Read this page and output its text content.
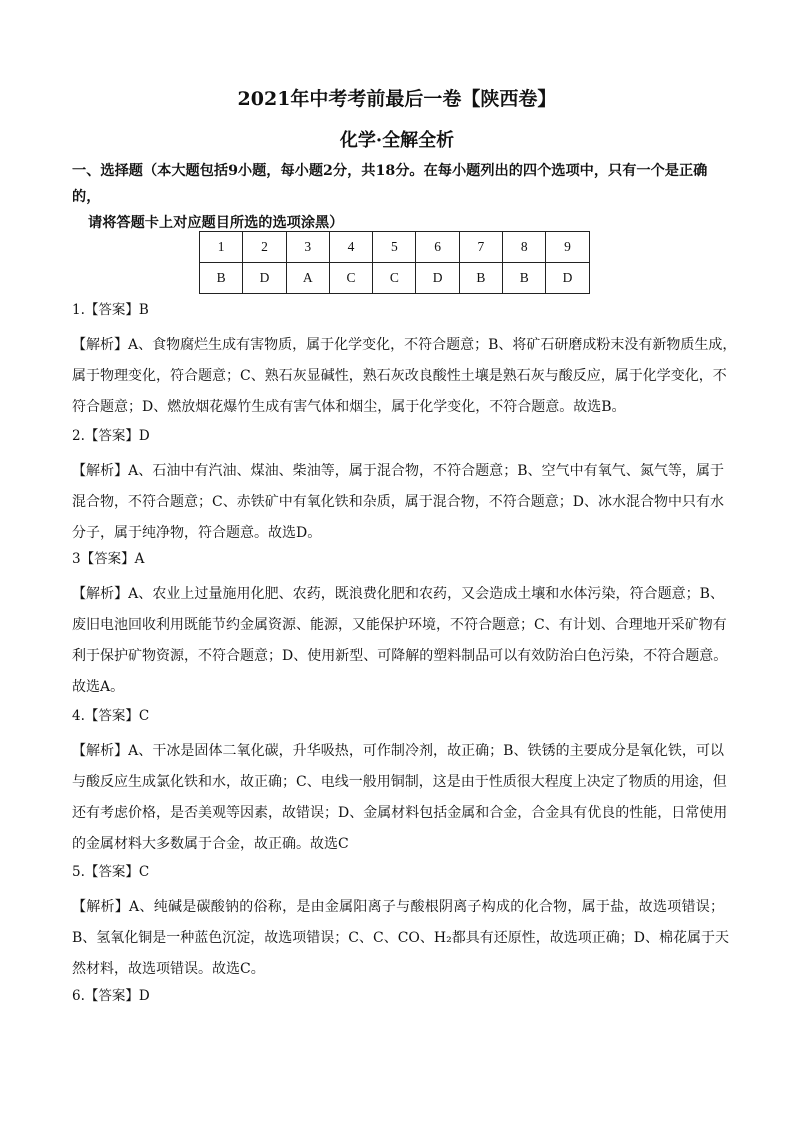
2021年中考考前最后一卷【陕西卷】
化学·全解全析
一、选择题（本大题包括9小题，每小题2分，共18分。在每小题列出的四个选项中，只有一个是正确的，
请将答题卡上对应题目所选的选项涂黑）
1	2	3	4	5	6	7	8	9
B	D	A	C	C	D	B	B	D
1.【答案】B
【解析】A、食物腐烂生成有害物质，属于化学变化，不符合题意；B、将矿石研磨成粉末没有新物质生成，
属于物理变化，符合题意；C、熟石灰显碱性，熟石灰改良酸性土壤是熟石灰与酸反应，属于化学变化，不
符合题意；D、燃放烟花爆竹生成有害气体和烟尘，属于化学变化，不符合题意。故选B。
2.【答案】D
【解析】A、石油中有汽油、煤油、柴油等，属于混合物，不符合题意；B、空气中有氧气、氮气等，属于
混合物，不符合题意；C、赤铁矿中有氧化铁和杂质，属于混合物，不符合题意；D、冰水混合物中只有水
分子，属于纯净物，符合题意。故选D。
3【答案】A
【解析】A、农业上过量施用化肥、农药，既浪费化肥和农药，又会造成土壤和水体污染，符合题意；B、
废旧电池回收利用既能节约金属资源、能源，又能保护环境，不符合题意；C、有计划、合理地开采矿物有
利于保护矿物资源，不符合题意；D、使用新型、可降解的塑料制品可以有效防治白色污染，不符合题意。
故选A。
4.【答案】C
【解析】A、干冰是固体二氧化碳，升华吸热，可作制冷剂，故正确；B、铁锈的主要成分是氧化铁，可以
与酸反应生成氯化铁和水，故正确；C、电线一般用铜制，这是由于性质很大程度上决定了物质的用途，但
还有考虑价格，是否美观等因素，故错误；D、金属材料包括金属和合金，合金具有优良的性能，日常使用
的金属材料大多数属于合金，故正确。故选C
5.【答案】C
【解析】A、纯碱是碳酸钠的俗称，是由金属阳离子与酸根阴离子构成的化合物，属于盐，故选项错误；
B、氢氧化铜是一种蓝色沉淀，故选项错误；C、C、CO、H₂都具有还原性，故选项正确；D、棉花属于天
然材料，故选项错误。故选C。
6.【答案】D
